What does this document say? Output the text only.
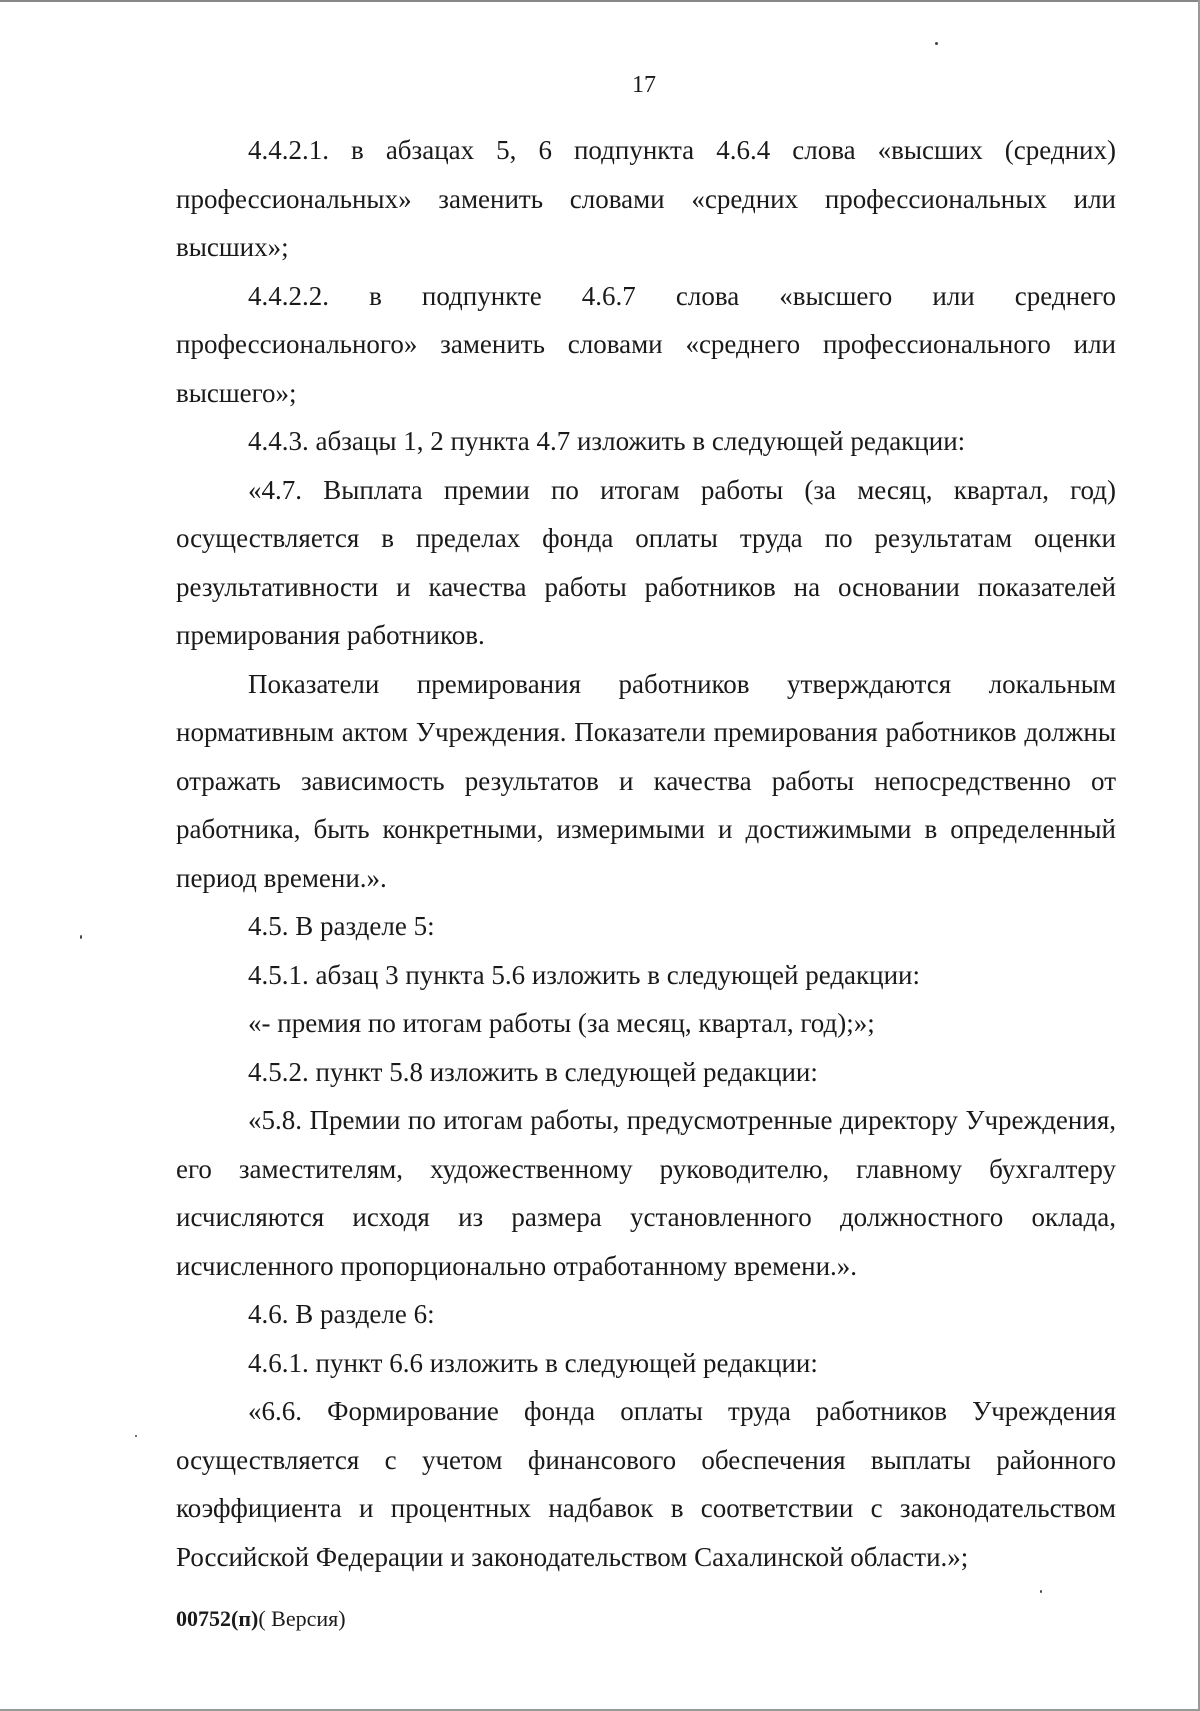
17

4.4.2.1. в абзацах 5, 6 подпункта 4.6.4 слова «высших (средних) профессиональных» заменить словами «средних профессиональных или высших»;

4.4.2.2. в подпункте 4.6.7 слова «высшего или среднего профессионального» заменить словами «среднего профессионального или высшего»;

4.4.3. абзацы 1, 2 пункта 4.7 изложить в следующей редакции:

«4.7. Выплата премии по итогам работы (за месяц, квартал, год) осуществляется в пределах фонда оплаты труда по результатам оценки результативности и качества работы работников на основании показателей премирования работников.

Показатели премирования работников утверждаются локальным нормативным актом Учреждения. Показатели премирования работников должны отражать зависимость результатов и качества работы непосредственно от работника, быть конкретными, измеримыми и достижимыми в определенный период времени.».

4.5. В разделе 5:

4.5.1. абзац 3 пункта 5.6 изложить в следующей редакции:

«- премия по итогам работы (за месяц, квартал, год);»;

4.5.2. пункт 5.8 изложить в следующей редакции:

«5.8. Премии по итогам работы, предусмотренные директору Учреждения, его заместителям, художественному руководителю, главному бухгалтеру исчисляются исходя из размера установленного должностного оклада, исчисленного пропорционально отработанному времени.».

4.6. В разделе 6:

4.6.1. пункт 6.6 изложить в следующей редакции:

«6.6. Формирование фонда оплаты труда работников Учреждения осуществляется с учетом финансового обеспечения выплаты районного коэффициента и процентных надбавок в соответствии с законодательством Российской Федерации и законодательством Сахалинской области.»;

00752(п)( Версия)
